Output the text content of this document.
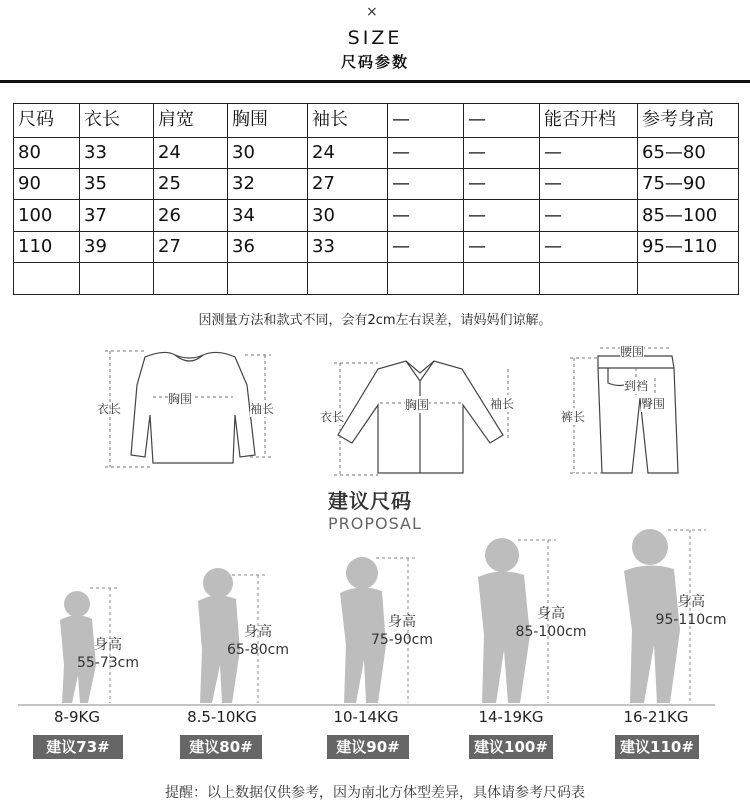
×
SIZE
尺码参数
尺码	衣长	肩宽	胸围	袖长	—	—	能否开档	参考身高
80	33	24	30	24	—	—	—	65—80
90	35	25	32	27	—	—	—	75—90
100	37	26	34	30	—	—	—	85—100
110	39	27	36	33	—	—	—	95—110

因测量方法和款式不同，会有2cm左右误差，请妈妈们谅解。
衣长
胸围
袖长
衣长
胸围	袖长
腰围
到裆
臀围
裤长
建议尺码
PROPOSAL
身高
55-73cm
身高
65-80cm
身高
75-90cm
身高
85-100cm
身高
95-110cm
8-9KG	8.5-10KG	10-14KG	14-19KG	16-21KG
建议73#	建议80#	建议90#	建议100#	建议110#
提醒：以上数据仅供参考，因为南北方体型差异，具体请参考尺码表
